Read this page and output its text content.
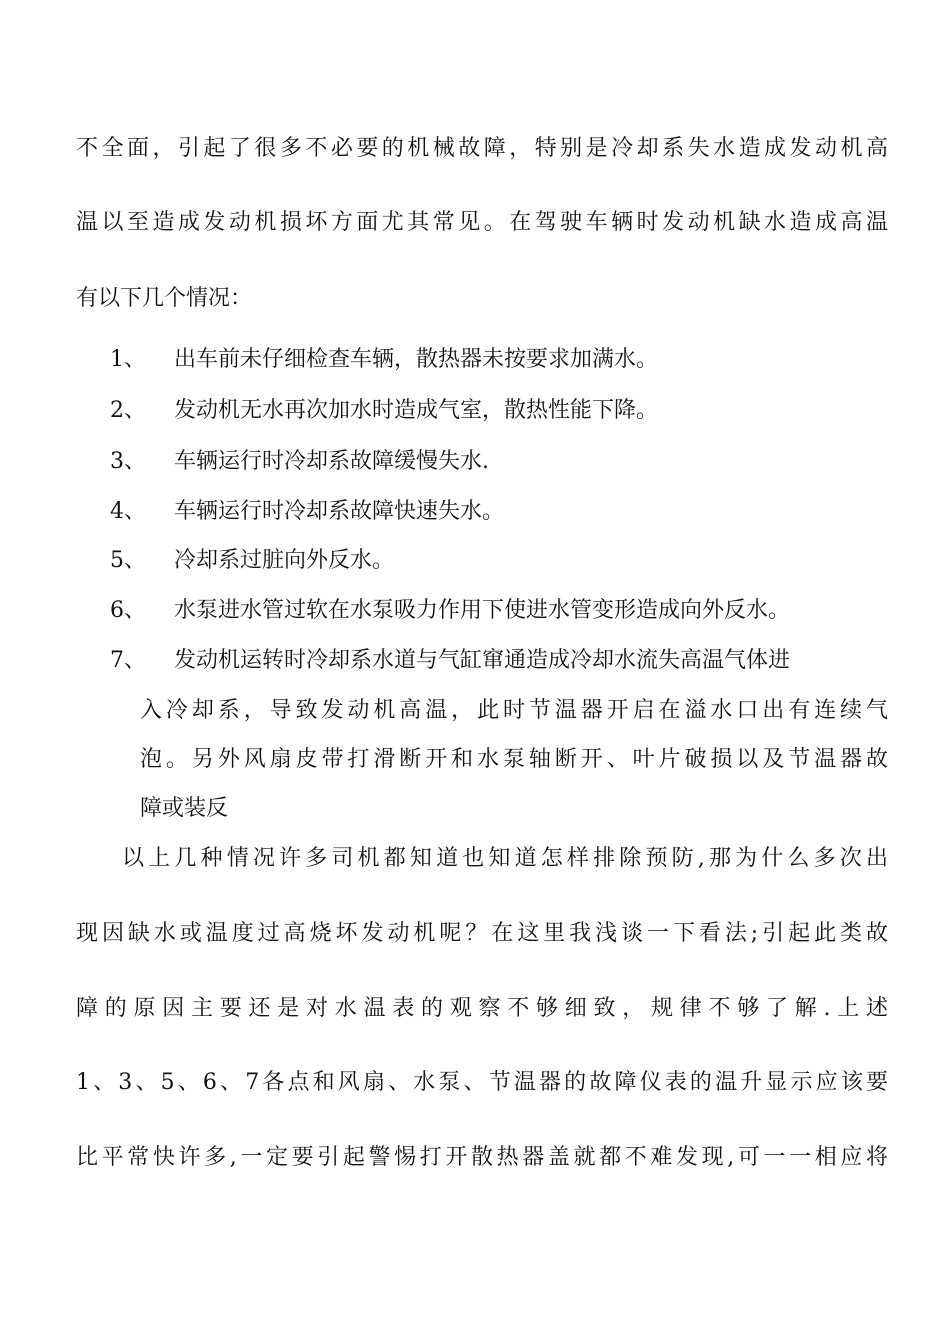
不全面，引起了很多不必要的机械故障，特别是冷却系失水造成发动机高
温以至造成发动机损坏方面尤其常见。在驾驶车辆时发动机缺水造成高温
有以下几个情况：
1、 出车前未仔细检查车辆，散热器未按要求加满水。
2、 发动机无水再次加水时造成气室，散热性能下降。
3、 车辆运行时冷却系故障缓慢失水.
4、 车辆运行时冷却系故障快速失水。
5、 冷却系过脏向外反水。
6、 水泵进水管过软在水泵吸力作用下使进水管变形造成向外反水。
7、 发动机运转时冷却系水道与气缸窜通造成冷却水流失高温气体进
入冷却系，导致发动机高温，此时节温器开启在溢水口出有连续气
泡。另外风扇皮带打滑断开和水泵轴断开、叶片破损以及节温器故
障或装反
以上几种情况许多司机都知道也知道怎样排除预防,那为什么多次出
现因缺水或温度过高烧坏发动机呢？在这里我浅谈一下看法;引起此类故
障的原因主要还是对水温表的观察不够细致，规律不够了解.上述
1、3、5、6、7各点和风扇、水泵、节温器的故障仪表的温升显示应该要
比平常快许多,一定要引起警惕打开散热器盖就都不难发现,可一一相应将
